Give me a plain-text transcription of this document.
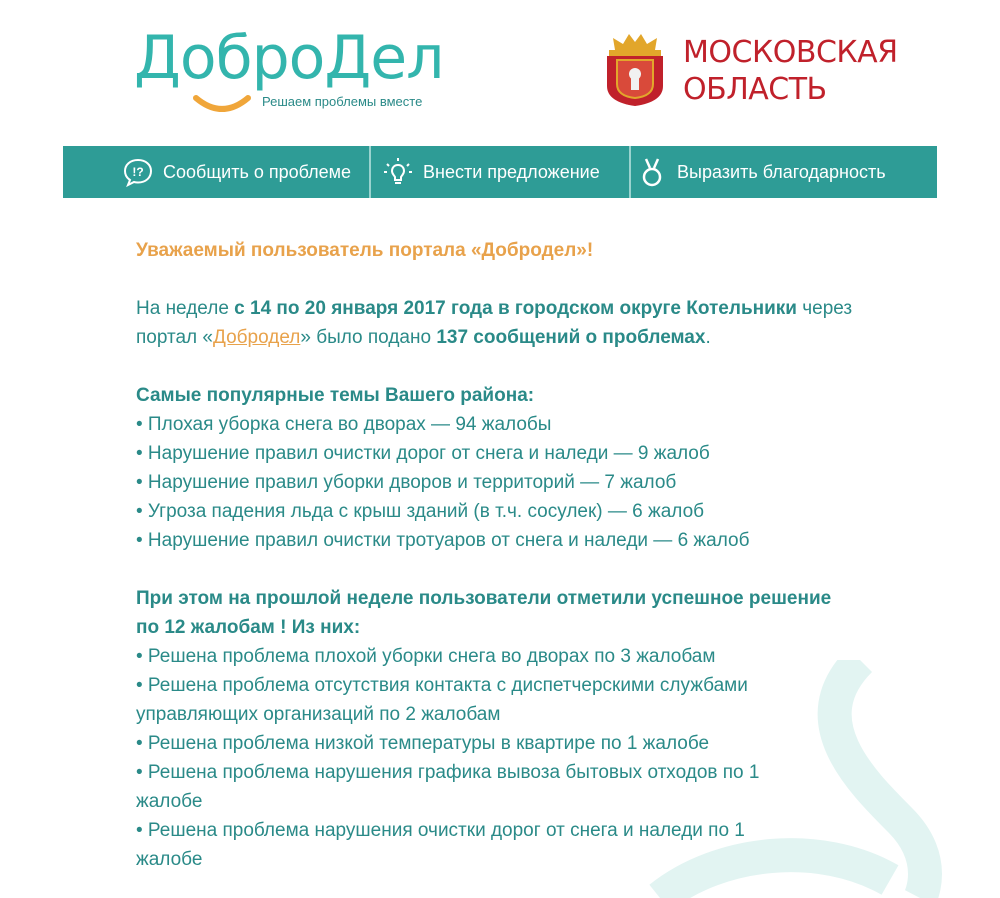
ДоброДел
Решаем проблемы вместе
МОСКОВСКАЯ
ОБЛАСТЬ
!? Сообщить о проблеме	Внести предложение	Выразить благодарность
Уважаемый пользователь портала «Добродел»!
На неделе с 14 по 20 января 2017 года в городском округе Котельники через портал «Добродел» было подано 137 сообщений о проблемах.
Самые популярные темы Вашего района:
• Плохая уборка снега во дворах — 94 жалобы
• Нарушение правил очистки дорог от снега и наледи — 9 жалоб
• Нарушение правил уборки дворов и территорий — 7 жалоб
• Угроза падения льда с крыш зданий (в т.ч. сосулек) — 6 жалоб
• Нарушение правил очистки тротуаров от снега и наледи — 6 жалоб
При этом на прошлой неделе пользователи отметили успешное решение по 12 жалобам ! Из них:
• Решена проблема плохой уборки снега во дворах по 3 жалобам
• Решена проблема отсутствия контакта с диспетчерскими службами управляющих организаций по 2 жалобам
• Решена проблема низкой температуры в квартире по 1 жалобе
• Решена проблема нарушения графика вывоза бытовых отходов по 1 жалобе
• Решена проблема нарушения очистки дорог от снега и наледи по 1 жалобе
